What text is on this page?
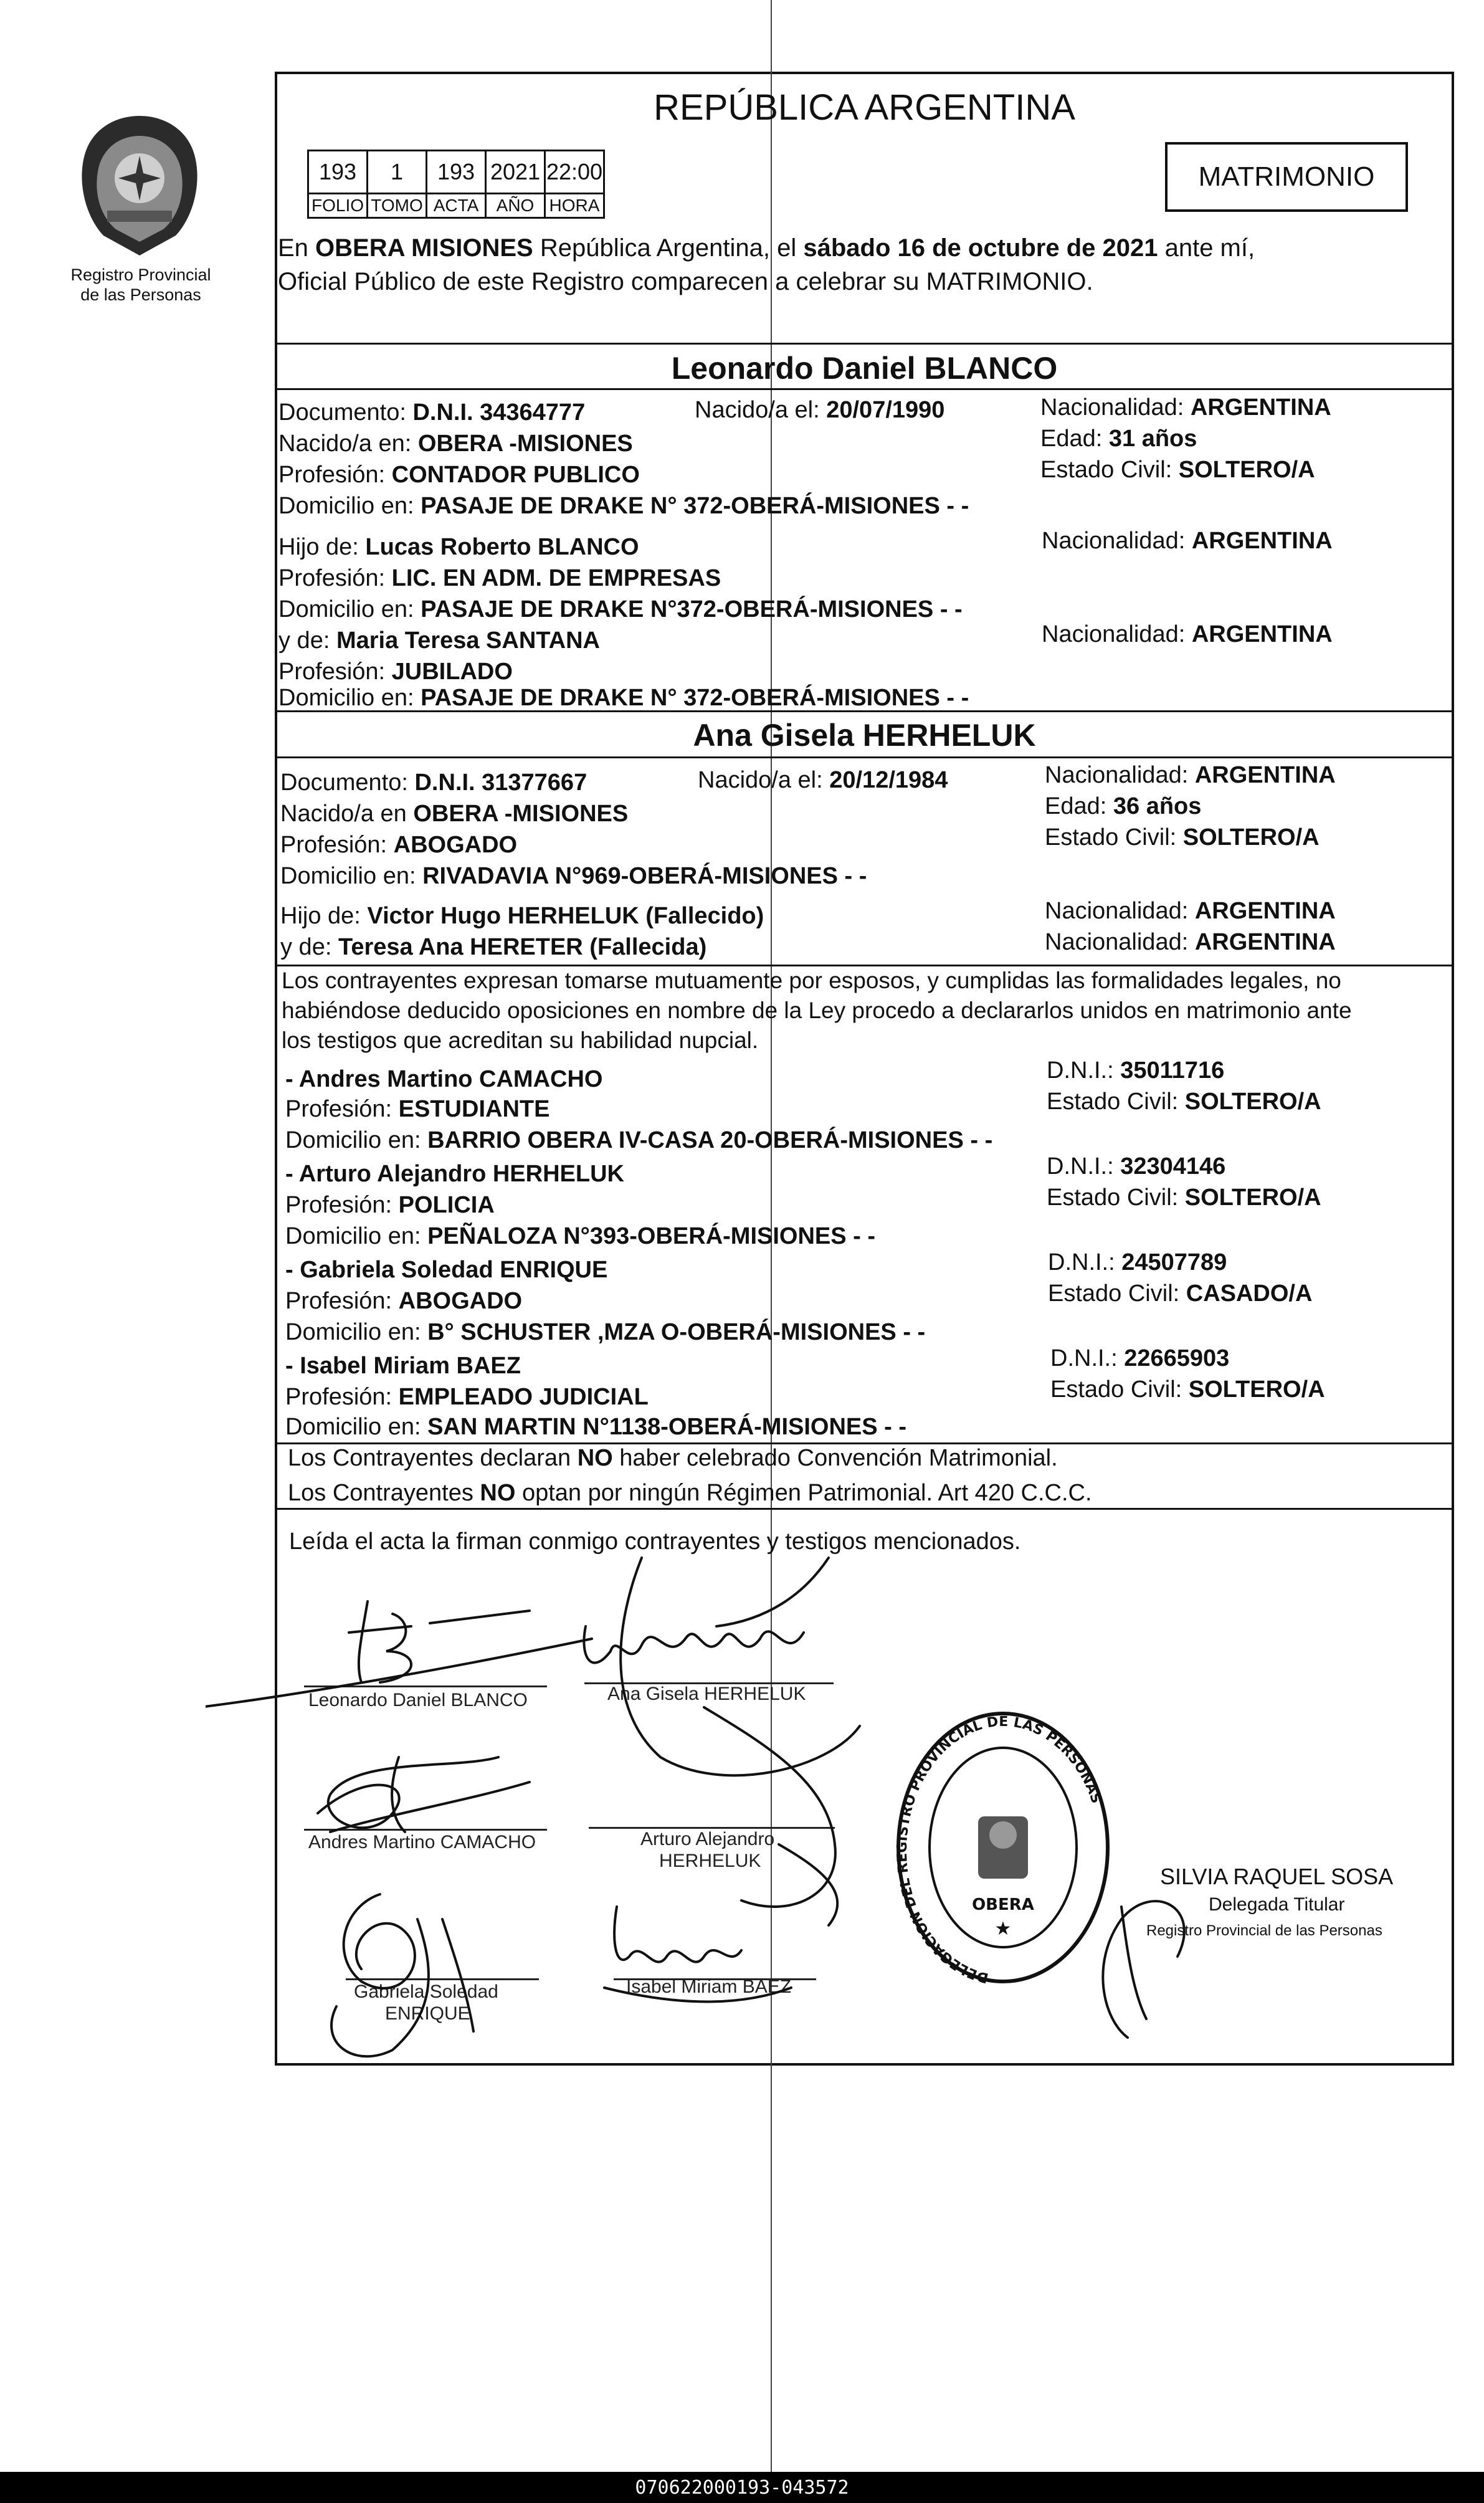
Registro Provincial
de las Personas
REPÚBLICA ARGENTINA
193	1	193	2021	22:00
FOLIO	TOMO	ACTA	AÑO	HORA
MATRIMONIO
En OBERA MISIONES República Argentina, el sábado 16 de octubre de 2021 ante mí,
Oficial Público de este Registro comparecen a celebrar su MATRIMONIO.
Leonardo Daniel BLANCO
Documento: D.N.I. 34364777	Nacido/a el: 20/07/1990	Nacionalidad: ARGENTINA
Nacido/a en: OBERA -MISIONES	Edad: 31 años
Profesión: CONTADOR PUBLICO	Estado Civil: SOLTERO/A
Domicilio en: PASAJE DE DRAKE N° 372-OBERÁ-MISIONES - -
Hijo de: Lucas Roberto BLANCO	Nacionalidad: ARGENTINA
Profesión: LIC. EN ADM. DE EMPRESAS
Domicilio en: PASAJE DE DRAKE N°372-OBERÁ-MISIONES - -
y de: Maria Teresa SANTANA	Nacionalidad: ARGENTINA
Profesión: JUBILADO
Domicilio en: PASAJE DE DRAKE N° 372-OBERÁ-MISIONES - -
Ana Gisela HERHELUK
Documento: D.N.I. 31377667	Nacido/a el: 20/12/1984	Nacionalidad: ARGENTINA
Nacido/a en OBERA -MISIONES	Edad: 36 años
Profesión: ABOGADO	Estado Civil: SOLTERO/A
Domicilio en: RIVADAVIA N°969-OBERÁ-MISIONES - -
Hijo de: Victor Hugo HERHELUK (Fallecido)	Nacionalidad: ARGENTINA
y de: Teresa Ana HERETER (Fallecida)	Nacionalidad: ARGENTINA
Los contrayentes expresan tomarse mutuamente por esposos, y cumplidas las formalidades legales, no
habiéndose deducido oposiciones en nombre de la Ley procedo a declararlos unidos en matrimonio ante
los testigos que acreditan su habilidad nupcial.
- Andres Martino CAMACHO	D.N.I.: 35011716
Profesión: ESTUDIANTE	Estado Civil: SOLTERO/A
Domicilio en: BARRIO OBERA IV-CASA 20-OBERÁ-MISIONES - -
- Arturo Alejandro HERHELUK	D.N.I.: 32304146
Profesión: POLICIA	Estado Civil: SOLTERO/A
Domicilio en: PEÑALOZA N°393-OBERÁ-MISIONES - -
- Gabriela Soledad ENRIQUE	D.N.I.: 24507789
Profesión: ABOGADO	Estado Civil: CASADO/A
Domicilio en: B° SCHUSTER ,MZA O-OBERÁ-MISIONES - -
- Isabel Miriam BAEZ	D.N.I.: 22665903
Profesión: EMPLEADO JUDICIAL	Estado Civil: SOLTERO/A
Domicilio en: SAN MARTIN N°1138-OBERÁ-MISIONES - -
Los Contrayentes declaran NO haber celebrado Convención Matrimonial.
Los Contrayentes NO optan por ningún Régimen Patrimonial. Art 420 C.C.C.
Leída el acta la firman conmigo contrayentes y testigos mencionados.
Leonardo Daniel BLANCO	Ana Gisela HERHELUK
Andres Martino CAMACHO	Arturo Alejandro
HERHELUK
Gabriela Soledad
ENRIQUE
Isabel Miriam BAEZ	DELEGACION DEL REGISTRO PROVINCIAL DE LAS PERSONAS
OBERA
★
SILVIA RAQUEL SOSA
Delegada Titular
Registro Provincial de las Personas
070622000193-043572
